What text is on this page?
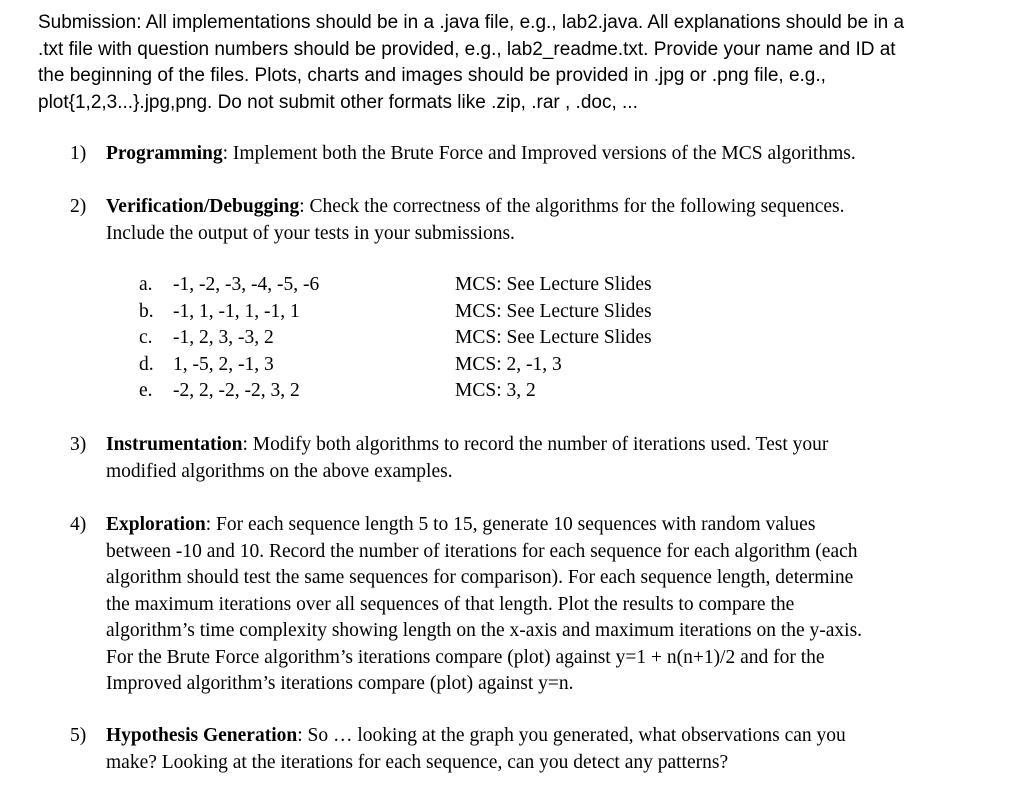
Submission: All implementations should be in a .java file, e.g., lab2.java. All explanations should be in a

.txt file with question numbers should be provided, e.g., lab2_readme.txt. Provide your name and ID at

the beginning of the files. Plots, charts and images should be provided in .jpg or .png file, e.g.,

plot{1,2,3...}.jpg,png. Do not submit other formats like .zip, .rar , .doc, ...

1) Programming: Implement both the Brute Force and Improved versions of the MCS algorithms.

2) Verification/Debugging: Check the correctness of the algorithms for the following sequences.

Include the output of your tests in your submissions.

a. -1, -2, -3, -4, -5, -6	MCS: See Lecture Slides
b. -1, 1, -1, 1, -1, 1	MCS: See Lecture Slides
c. -1, 2, 3, -3, 2	MCS: See Lecture Slides
d. 1, -5, 2, -1, 3	MCS: 2, -1, 3
e. -2, 2, -2, -2, 3, 2	MCS: 3, 2
3) Instrumentation: Modify both algorithms to record the number of iterations used. Test your

modified algorithms on the above examples.

4) Exploration: For each sequence length 5 to 15, generate 10 sequences with random values

between -10 and 10. Record the number of iterations for each sequence for each algorithm (each

algorithm should test the same sequences for comparison). For each sequence length, determine

the maximum iterations over all sequences of that length. Plot the results to compare the

algorithm’s time complexity showing length on the x-axis and maximum iterations on the y-axis.

For the Brute Force algorithm’s iterations compare (plot) against y=1 + n(n+1)/2 and for the

Improved algorithm’s iterations compare (plot) against y=n.

5) Hypothesis Generation: So … looking at the graph you generated, what observations can you

make? Looking at the iterations for each sequence, can you detect any patterns?
